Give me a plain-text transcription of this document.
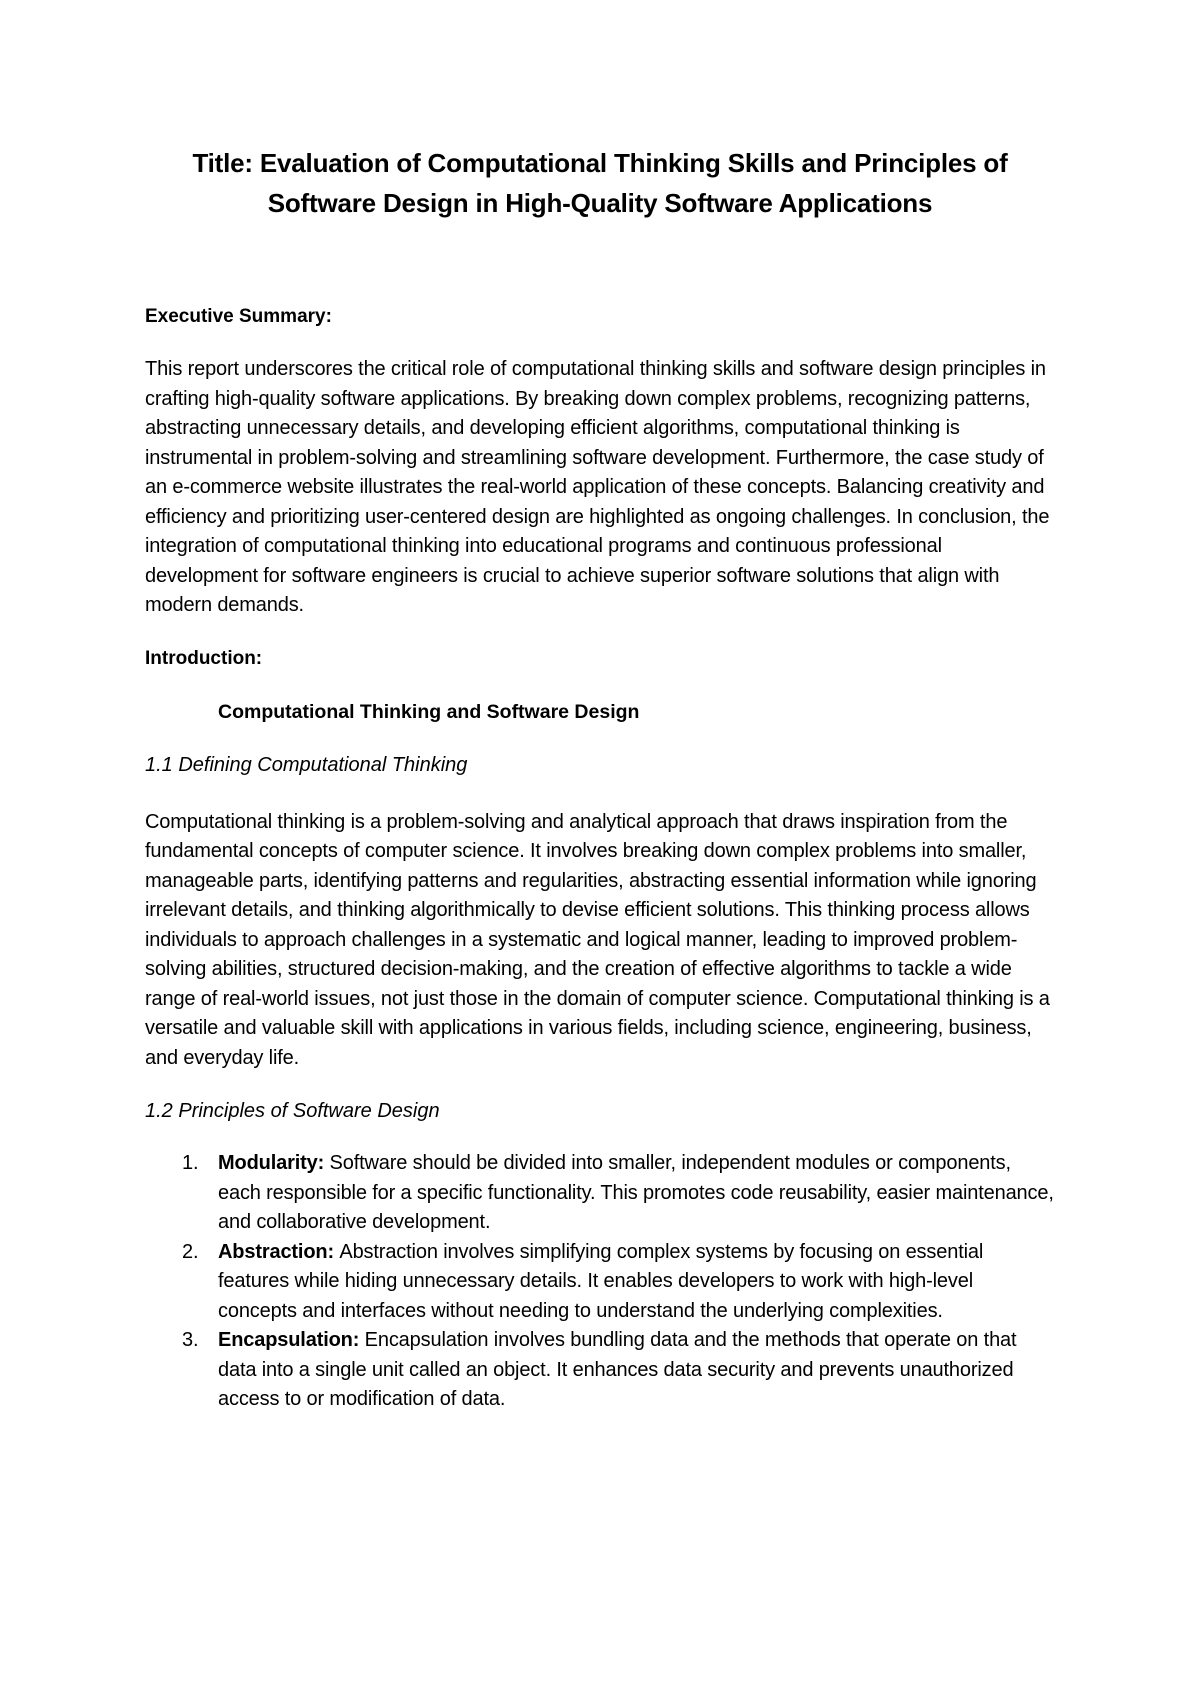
Title: Evaluation of Computational Thinking Skills and Principles of Software Design in High-Quality Software Applications

Executive Summary:

This report underscores the critical role of computational thinking skills and software design principles in crafting high-quality software applications. By breaking down complex problems, recognizing patterns, abstracting unnecessary details, and developing efficient algorithms, computational thinking is instrumental in problem-solving and streamlining software development. Furthermore, the case study of an e-commerce website illustrates the real-world application of these concepts. Balancing creativity and efficiency and prioritizing user-centered design are highlighted as ongoing challenges. In conclusion, the integration of computational thinking into educational programs and continuous professional development for software engineers is crucial to achieve superior software solutions that align with modern demands.

Introduction:

Computational Thinking and Software Design

1.1 Defining Computational Thinking

Computational thinking is a problem-solving and analytical approach that draws inspiration from the fundamental concepts of computer science. It involves breaking down complex problems into smaller, manageable parts, identifying patterns and regularities, abstracting essential information while ignoring irrelevant details, and thinking algorithmically to devise efficient solutions. This thinking process allows individuals to approach challenges in a systematic and logical manner, leading to improved problem-solving abilities, structured decision-making, and the creation of effective algorithms to tackle a wide range of real-world issues, not just those in the domain of computer science. Computational thinking is a versatile and valuable skill with applications in various fields, including science, engineering, business, and everyday life.

1.2 Principles of Software Design

1. Modularity: Software should be divided into smaller, independent modules or components, each responsible for a specific functionality. This promotes code reusability, easier maintenance, and collaborative development.
2. Abstraction: Abstraction involves simplifying complex systems by focusing on essential features while hiding unnecessary details. It enables developers to work with high-level concepts and interfaces without needing to understand the underlying complexities.
3. Encapsulation: Encapsulation involves bundling data and the methods that operate on that data into a single unit called an object. It enhances data security and prevents unauthorized access to or modification of data.
